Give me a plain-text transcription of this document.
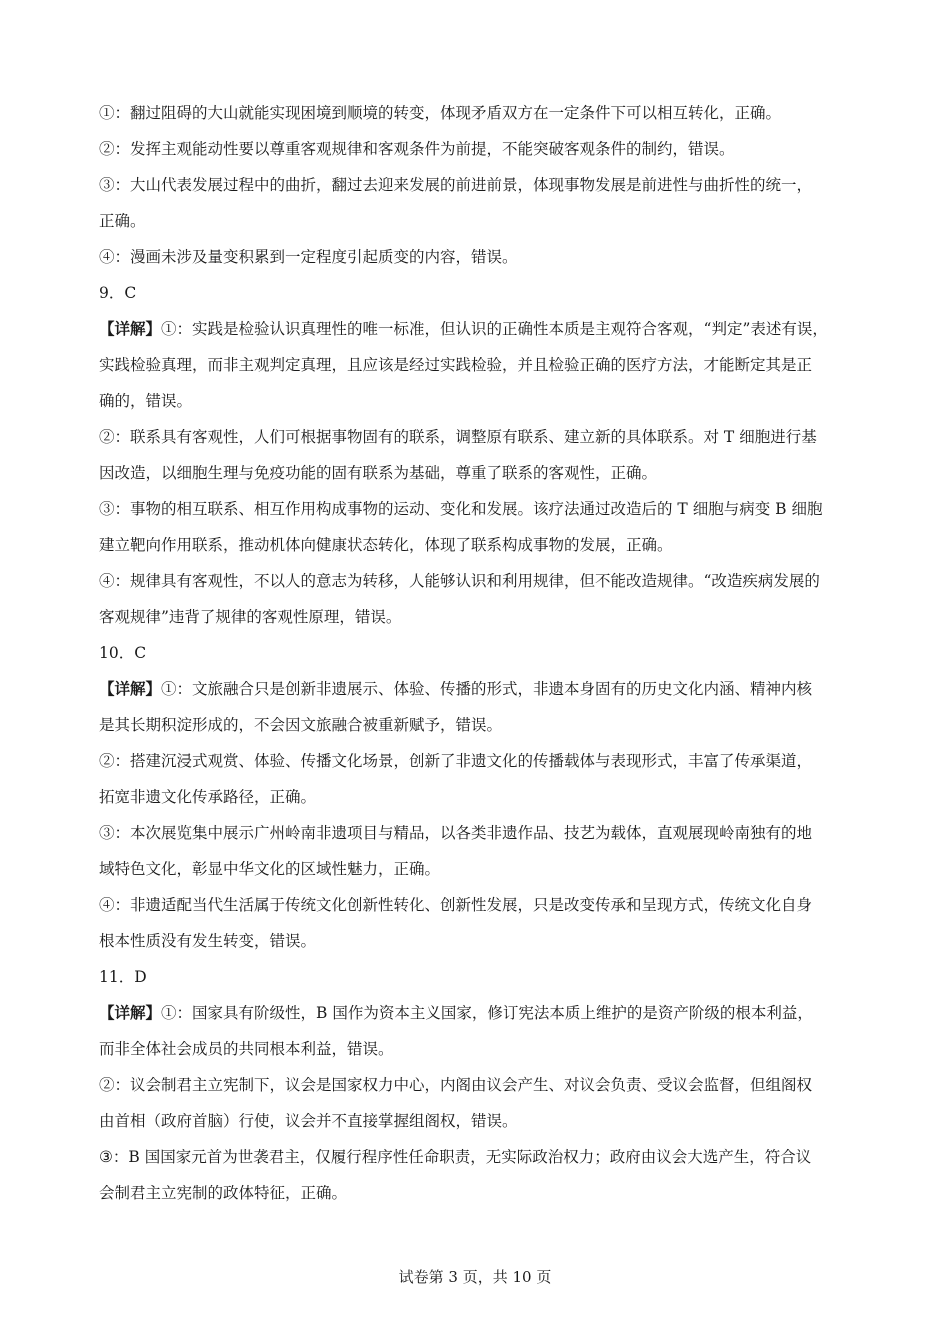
①：翻过阻碍的大山就能实现困境到顺境的转变，体现矛盾双方在一定条件下可以相互转化，正确。
②：发挥主观能动性要以尊重客观规律和客观条件为前提，不能突破客观条件的制约，错误。
③：大山代表发展过程中的曲折，翻过去迎来发展的前进前景，体现事物发展是前进性与曲折性的统一，
正确。
④：漫画未涉及量变积累到一定程度引起质变的内容，错误。
9．C
【详解】①：实践是检验认识真理性的唯一标准，但认识的正确性本质是主观符合客观，“判定”表述有误，
实践检验真理，而非主观判定真理，且应该是经过实践检验，并且检验正确的医疗方法，才能断定其是正
确的，错误。
②：联系具有客观性，人们可根据事物固有的联系，调整原有联系、建立新的具体联系。对 T 细胞进行基
因改造，以细胞生理与免疫功能的固有联系为基础，尊重了联系的客观性，正确。
③：事物的相互联系、相互作用构成事物的运动、变化和发展。该疗法通过改造后的 T 细胞与病变 B 细胞
建立靶向作用联系，推动机体向健康状态转化，体现了联系构成事物的发展，正确。
④：规律具有客观性，不以人的意志为转移，人能够认识和利用规律，但不能改造规律。“改造疾病发展的
客观规律”违背了规律的客观性原理，错误。
10．C
【详解】①：文旅融合只是创新非遗展示、体验、传播的形式，非遗本身固有的历史文化内涵、精神内核
是其长期积淀形成的，不会因文旅融合被重新赋予，错误。
②：搭建沉浸式观赏、体验、传播文化场景，创新了非遗文化的传播载体与表现形式，丰富了传承渠道，
拓宽非遗文化传承路径，正确。
③：本次展览集中展示广州岭南非遗项目与精品，以各类非遗作品、技艺为载体，直观展现岭南独有的地
域特色文化，彰显中华文化的区域性魅力，正确。
④：非遗适配当代生活属于传统文化创新性转化、创新性发展，只是改变传承和呈现方式，传统文化自身
根本性质没有发生转变，错误。
11．D
【详解】①：国家具有阶级性，B 国作为资本主义国家，修订宪法本质上维护的是资产阶级的根本利益，
而非全体社会成员的共同根本利益，错误。
②：议会制君主立宪制下，议会是国家权力中心，内阁由议会产生、对议会负责、受议会监督，但组阁权
由首相（政府首脑）行使，议会并不直接掌握组阁权，错误。
③：B 国国家元首为世袭君主，仅履行程序性任命职责，无实际政治权力；政府由议会大选产生，符合议
会制君主立宪制的政体特征，正确。
试卷第 3 页，共 10 页
